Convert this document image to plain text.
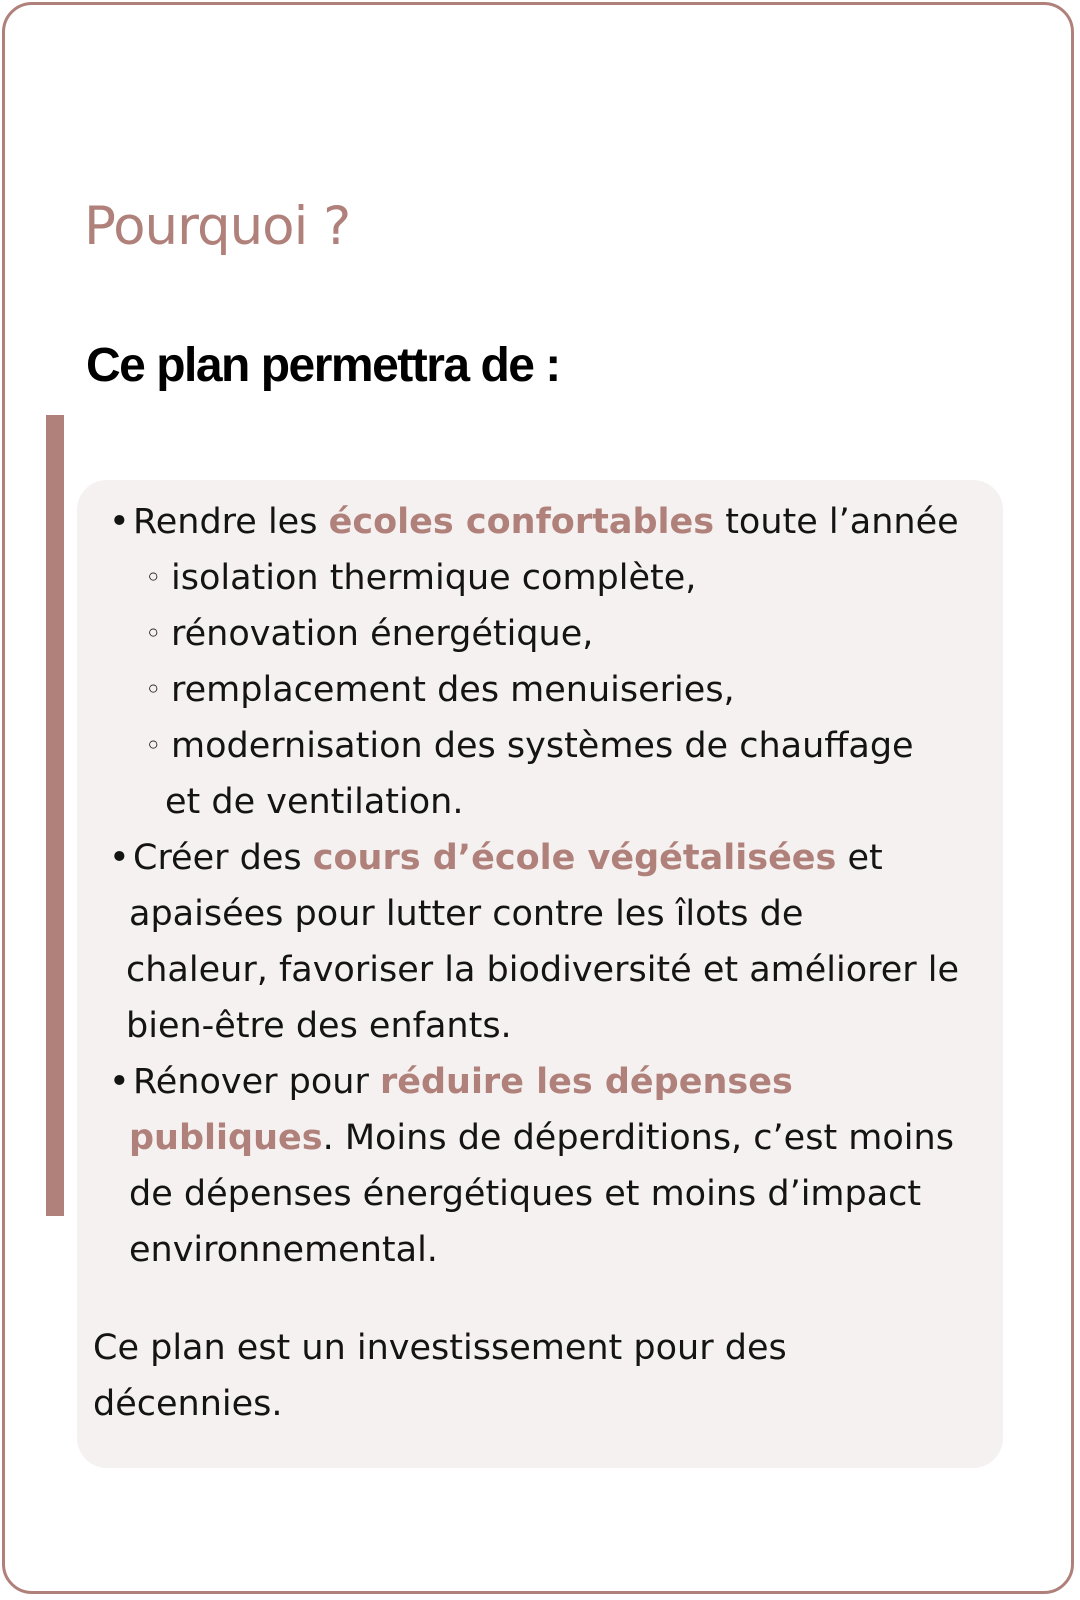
Pourquoi ?
Ce plan permettra de :
•Rendre les écoles confortables toute l’année
◦ isolation thermique complète,
◦ rénovation énergétique,
◦ remplacement des menuiseries,
◦ modernisation des systèmes de chauffage
et de ventilation.
•Créer des cours d’école végétalisées et
apaisées pour lutter contre les îlots de
chaleur, favoriser la biodiversité et améliorer le
bien-être des enfants.
•Rénover pour réduire les dépenses
publiques. Moins de déperditions, c’est moins
de dépenses énergétiques et moins d’impact
environnemental.
Ce plan est un investissement pour des
décennies.
